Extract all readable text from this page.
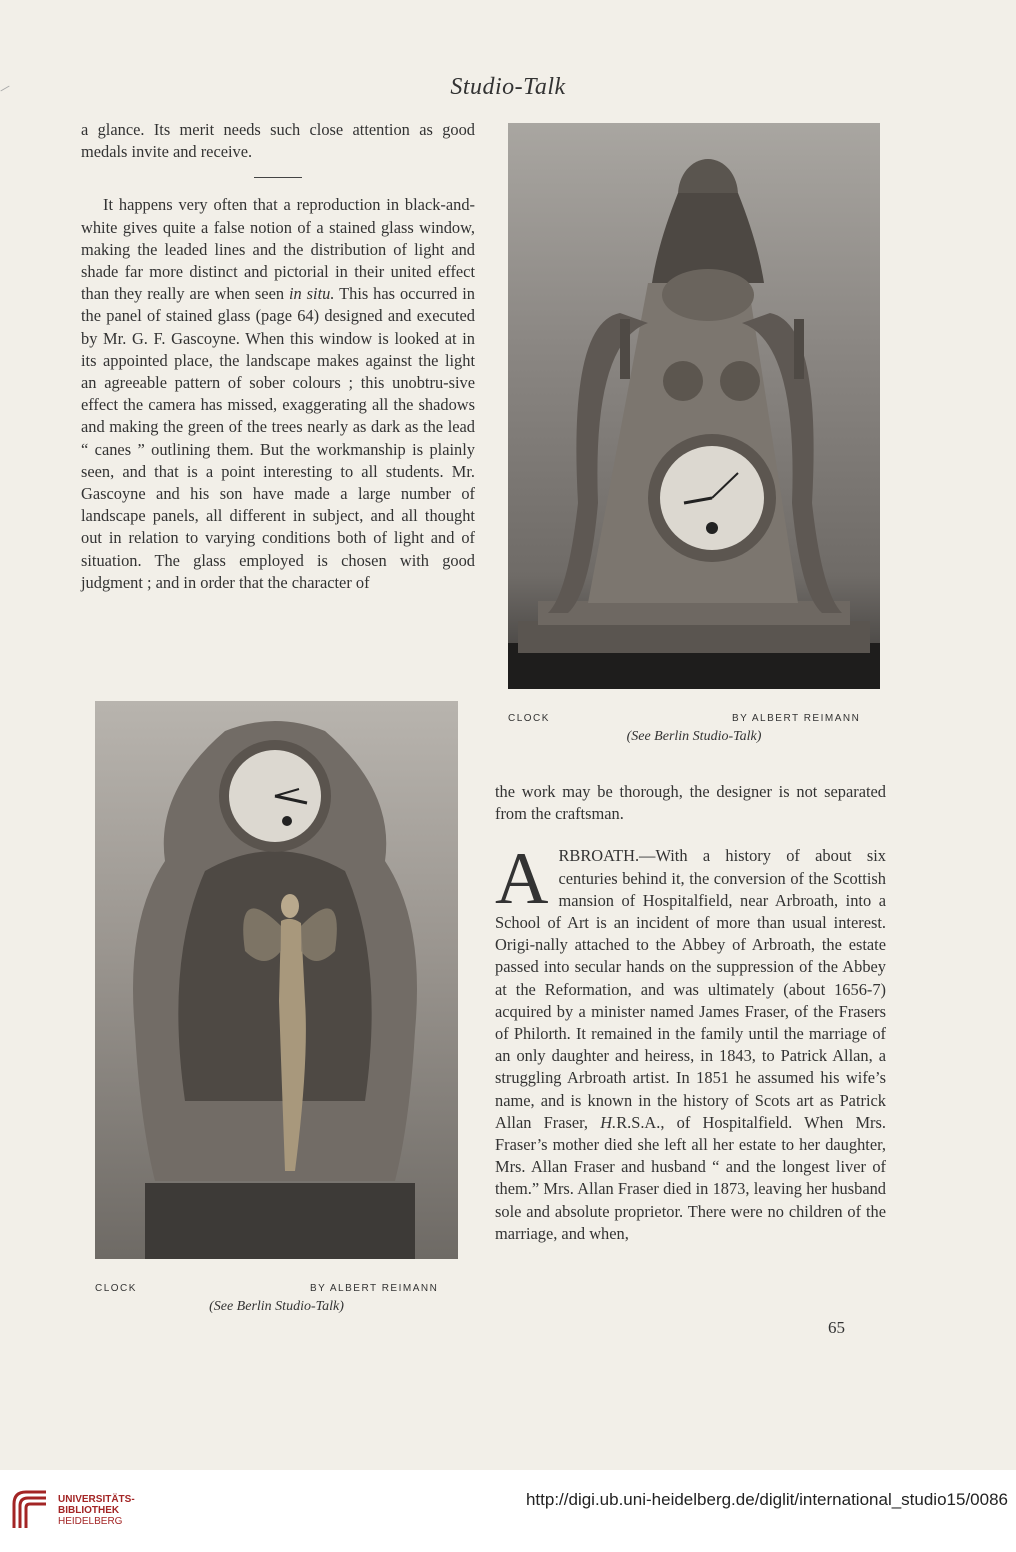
Studio-Talk

a glance. Its merit needs such close attention as good medals invite and receive.

It happens very often that a reproduction in black-and-white gives quite a false notion of a stained glass window, making the leaded lines and the distribution of light and shade far more distinct and pictorial in their united effect than they really are when seen in situ. This has occurred in the panel of stained glass (page 64) designed and executed by Mr. G. F. Gascoyne. When this window is looked at in its appointed place, the landscape makes against the light an agreeable pattern of sober colours ; this unobtru-sive effect the camera has missed, exaggerating all the shadows and making the green of the trees nearly as dark as the lead “ canes ” outlining them. But the workmanship is plainly seen, and that is a point interesting to all students. Mr. Gascoyne and his son have made a large number of landscape panels, all different in subject, and all thought out in relation to varying conditions both of light and of situation. The glass employed is chosen with good judgment ; and in order that the character of

CLOCK	BY ALBERT REIMANN
(See Berlin Studio-Talk)
CLOCK	BY ALBERT REIMANN
(See Berlin Studio-Talk)

the work may be thorough, the designer is not separated from the craftsman.

ARBROATH.—With a history of about six centuries behind it, the conversion of the Scottish mansion of Hospitalfield, near Arbroath, into a School of Art is an incident of more than usual interest. Origi-nally attached to the Abbey of Arbroath, the estate passed into secular hands on the suppression of the Abbey at the Reformation, and was ultimately (about 1656-7) acquired by a minister named James Fraser, of the Frasers of Philorth. It remained in the family until the marriage of an only daughter and heiress, in 1843, to Patrick Allan, a struggling Arbroath artist. In 1851 he assumed his wife’s name, and is known in the history of Scots art as Patrick Allan Fraser, H.R.S.A., of Hospitalfield. When Mrs. Fraser’s mother died she left all her estate to her daughter, Mrs. Allan Fraser and husband “ and the longest liver of them.” Mrs. Allan Fraser died in 1873, leaving her husband sole and absolute proprietor. There were no children of the marriage, and when,

65
UNIVERSITÄTS-
BIBLIOTHEK
HEIDELBERG
http://digi.ub.uni-heidelberg.de/diglit/international_studio15/0086
